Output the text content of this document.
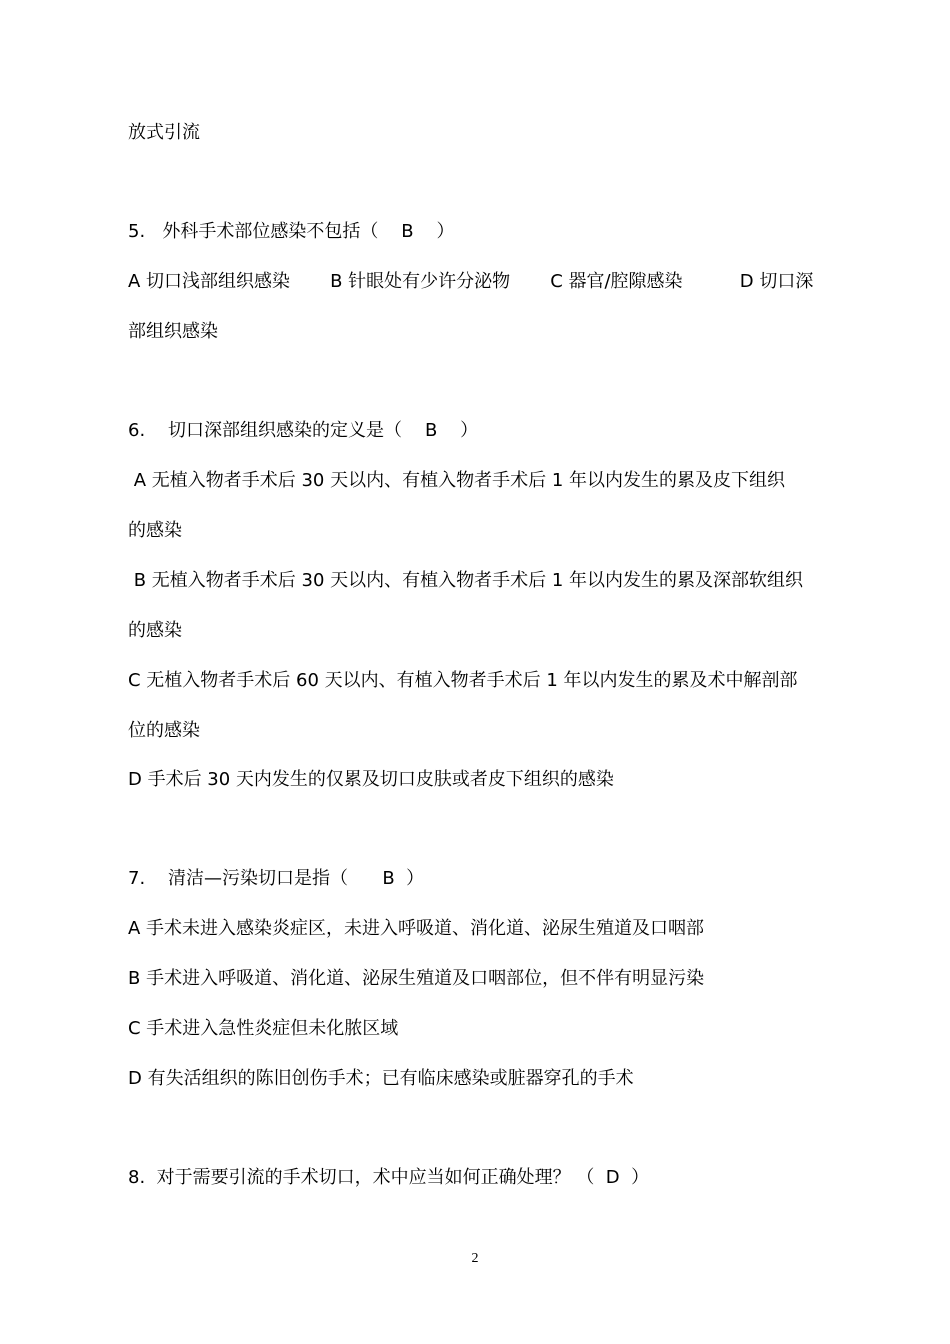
放式引流
5.   外科手术部位感染不包括（    B    ）
A 切口浅部组织感染       B 针眼处有少许分泌物       C 器官/腔隙感染          D 切口深
部组织感染
6.    切口深部组织感染的定义是（    B    ）
A 无植入物者手术后 30 天以内、有植入物者手术后 1 年以内发生的累及皮下组织
的感染
B 无植入物者手术后 30 天以内、有植入物者手术后 1 年以内发生的累及深部软组织
的感染
C 无植入物者手术后 60 天以内、有植入物者手术后 1 年以内发生的累及术中解剖部
位的感染
D 手术后 30 天内发生的仅累及切口皮肤或者皮下组织的感染
7.    清洁—污染切口是指（      B  ）
A 手术未进入感染炎症区，未进入呼吸道、消化道、泌尿生殖道及口咽部
B 手术进入呼吸道、消化道、泌尿生殖道及口咽部位，但不伴有明显污染
C 手术进入急性炎症但未化脓区域
D 有失活组织的陈旧创伤手术；已有临床感染或脏器穿孔的手术
8.  对于需要引流的手术切口，术中应当如何正确处理？ （  D  ）
2
